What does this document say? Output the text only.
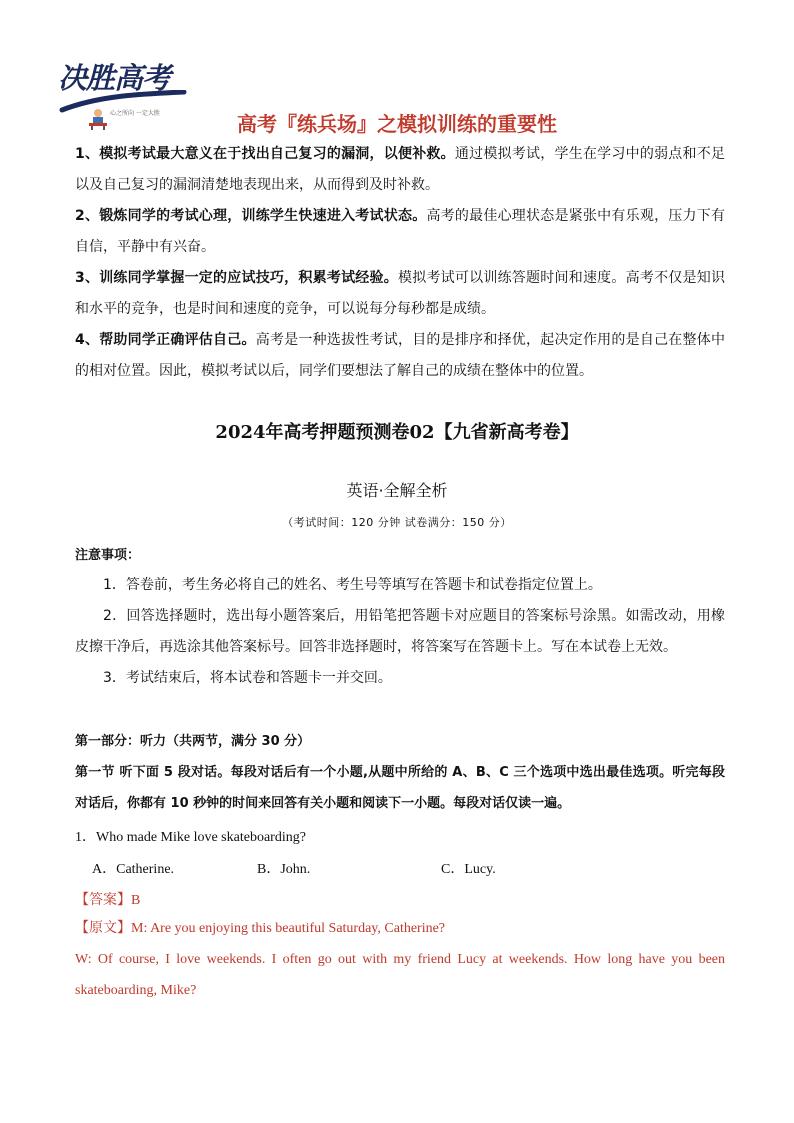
决胜高考
心之所向 一定大胜	高考『练兵场』之模拟训练的重要性
1、模拟考试最大意义在于找出自己复习的漏洞，以便补救。通过模拟考试，学生在学习中的弱点和不足以及自己复习的漏洞清楚地表现出来，从而得到及时补救。
2、锻炼同学的考试心理，训练学生快速进入考试状态。高考的最佳心理状态是紧张中有乐观，压力下有自信，平静中有兴奋。
3、训练同学掌握一定的应试技巧，积累考试经验。模拟考试可以训练答题时间和速度。高考不仅是知识和水平的竞争，也是时间和速度的竞争，可以说每分每秒都是成绩。
4、帮助同学正确评估自己。高考是一种选拔性考试，目的是排序和择优，起决定作用的是自己在整体中的相对位置。因此，模拟考试以后，同学们要想法了解自己的成绩在整体中的位置。
2024年高考押题预测卷02【九省新高考卷】
英语·全解全析
（考试时间：120 分钟 试卷满分：150 分）
注意事项：
1．答卷前，考生务必将自己的姓名、考生号等填写在答题卡和试卷指定位置上。
2．回答选择题时，选出每小题答案后，用铅笔把答题卡对应题目的答案标号涂黑。如需改动，用橡皮擦干净后，再选涂其他答案标号。回答非选择题时，将答案写在答题卡上。写在本试卷上无效。
3．考试结束后，将本试卷和答题卡一并交回。
第一部分：听力（共两节，满分 30 分）
第一节 听下面 5 段对话。每段对话后有一个小题,从题中所给的 A、B、C 三个选项中选出最佳选项。听完每段对话后，你都有 10 秒钟的时间来回答有关小题和阅读下一小题。每段对话仅读一遍。
1．Who made Mike love skateboarding?
A．Catherine.	B．John.	C．Lucy.
【答案】B
【原文】M: Are you enjoying this beautiful Saturday, Catherine?
W: Of course, I love weekends. I often go out with my friend Lucy at weekends. How long have you been skateboarding, Mike?
